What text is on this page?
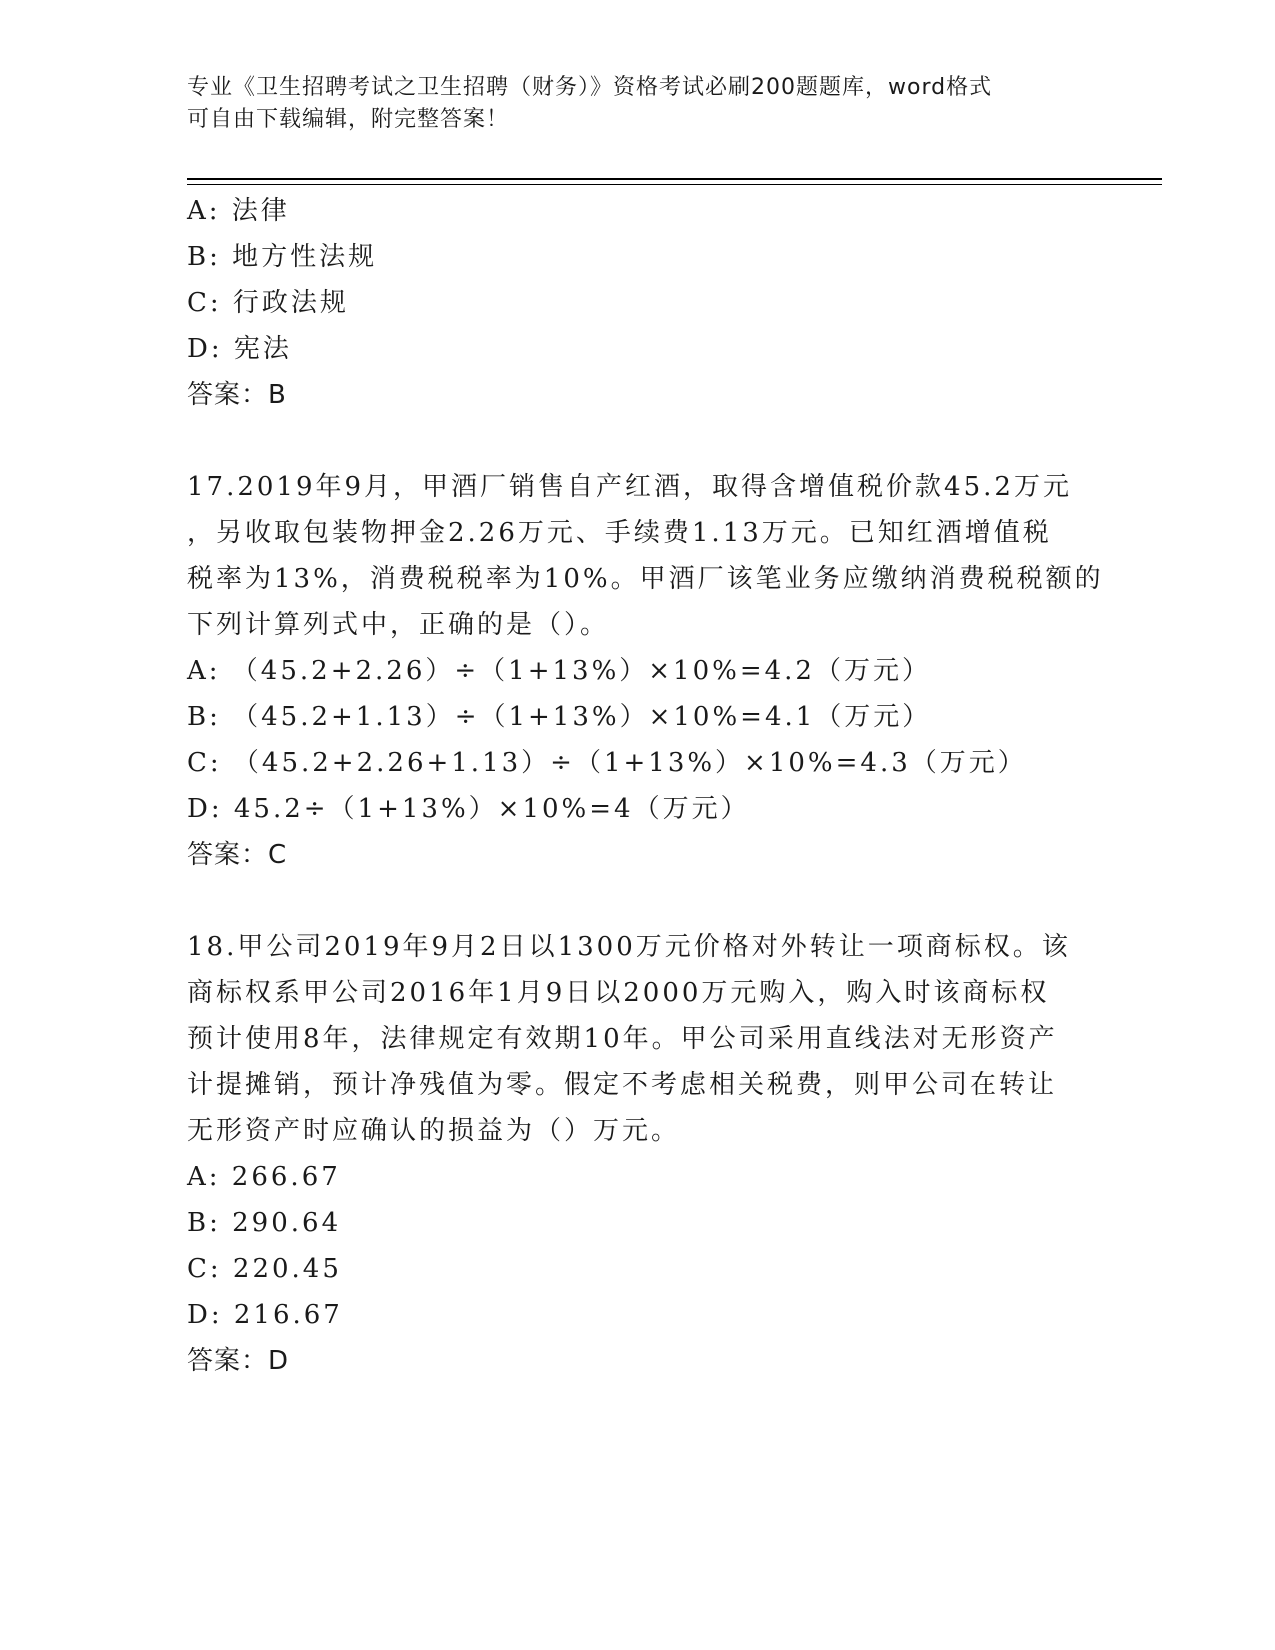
专业《卫生招聘考试之卫生招聘（财务）》资格考试必刷200题题库，word格式
可自由下载编辑，附完整答案！
A: 法律
B: 地方性法规
C: 行政法规
D: 宪法
答案：B
17.2019年9月，甲酒厂销售自产红酒，取得含增值税价款45.2万元
，另收取包装物押金2.26万元、手续费1.13万元。已知红酒增值税
税率为13%，消费税税率为10%。甲酒厂该笔业务应缴纳消费税税额的
下列计算列式中，正确的是（）。
A: （45.2+2.26）÷（1+13%）×10%=4.2（万元）
B: （45.2+1.13）÷（1+13%）×10%=4.1（万元）
C: （45.2+2.26+1.13）÷（1+13%）×10%=4.3（万元）
D: 45.2÷（1+13%）×10%=4（万元）
答案：C
18.甲公司2019年9月2日以1300万元价格对外转让一项商标权。该
商标权系甲公司2016年1月9日以2000万元购入，购入时该商标权
预计使用8年，法律规定有效期10年。甲公司采用直线法对无形资产
计提摊销，预计净残值为零。假定不考虑相关税费，则甲公司在转让
无形资产时应确认的损益为（）万元。
A: 266.67
B: 290.64
C: 220.45
D: 216.67
答案：D
